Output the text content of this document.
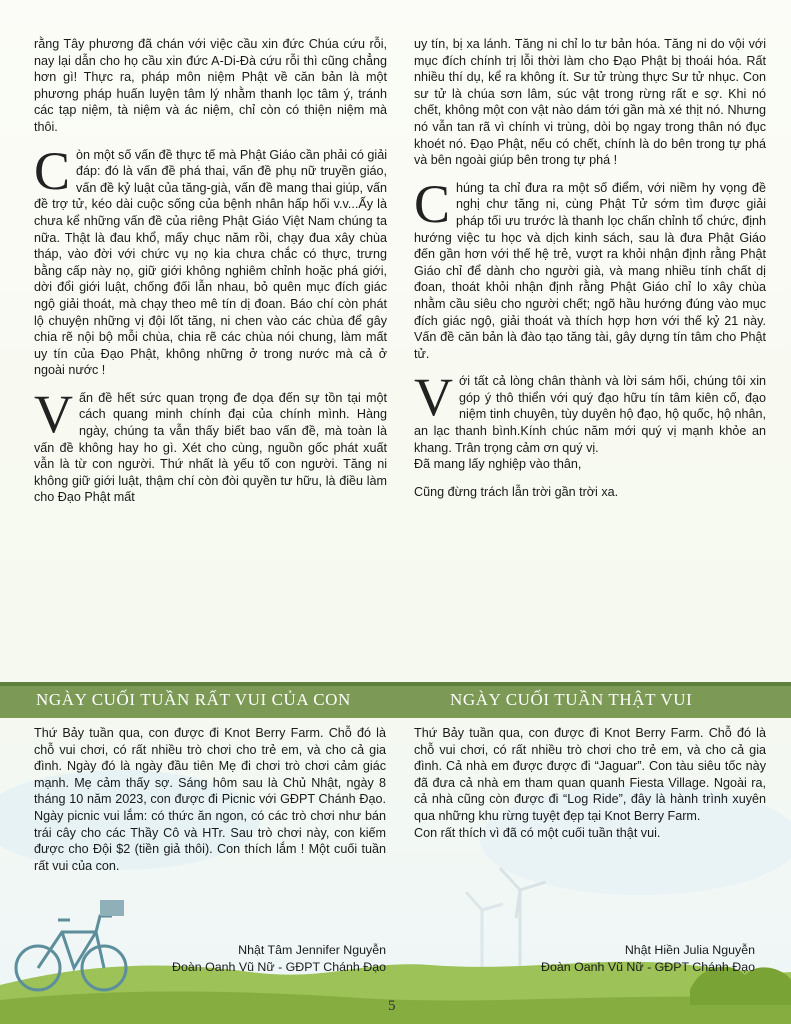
rằng Tây phương đã chán với việc cầu xin đức Chúa cứu rỗi, nay lại dẫn cho họ cầu xin đức A-Di-Đà cứu rỗi thì cũng chẳng hơn gì! Thực ra, pháp môn niệm Phật về căn bản là một phương pháp huấn luyện tâm lý nhằm thanh lọc tâm ý, tránh các tạp niệm, tà niệm và ác niệm, chỉ còn có thiện niệm mà thôi.

Còn một số vấn đề thực tế mà Phật Giáo cần phải có giải đáp: đó là vấn đề phá thai, vấn đề phụ nữ truyền giáo, vấn đề kỷ luật của tăng-già, vấn đề mang thai giúp, vấn đề trợ tử, kéo dài cuộc sống của bệnh nhân hấp hối v.v...Ấy là chưa kể những vấn đề của riêng Phật Giáo Việt Nam chúng ta nữa. Thật là đau khổ, mấy chục năm rồi, chạy đua xây chùa tháp, vào đời với chức vụ nọ kia chưa chắc có thực, trưng bằng cấp này nọ, giữ giới không nghiêm chỉnh hoặc phá giới, dời đổi giới luật, chống đối lẫn nhau, bỏ quên mục đích giác ngộ giải thoát, mà chạy theo mê tín dị đoan. Báo chí còn phát lộ chuyện những vị đội lốt tăng, ni chen vào các chùa để gây chia rẽ nội bộ mỗi chùa, chia rẽ các chùa nói chung, làm mất uy tín của Đạo Phật, không những ở trong nước mà cả ở ngoài nước !

Vấn đề hết sức quan trọng đe dọa đến sự tồn tại một cách quang minh chính đại của chính mình. Hàng ngày, chúng ta vẫn thấy biết bao vấn đề, mà toàn là vấn đề không hay ho gì. Xét cho cùng, nguồn gốc phát xuất vẫn là từ con người. Thứ nhất là yếu tố con người. Tăng ni không giữ giới luật, thậm chí còn đòi quyền tư hữu, là điều làm cho Đạo Phật mất

uy tín, bị xa lánh. Tăng ni chỉ lo tư bản hóa. Tăng ni do vội với mục đích chính trị lỗi thời làm cho Đạo Phật bị thoái hóa. Rất nhiều thí dụ, kể ra không ít. Sư tử trùng thực Sư tử nhục. Con sư tử là chúa sơn lâm, súc vật trong rừng rất e sợ. Khi nó chết, không một con vật nào dám tới gần mà xé thịt nó. Nhưng nó vẫn tan rã vì chính vi trùng, dòi bọ ngay trong thân nó đục khoét nó. Đạo Phật, nếu có chết, chính là do bên trong tự phá và bên ngoài giúp bên trong tự phá !

Chúng ta chỉ đưa ra một số điểm, với niềm hy vọng đề nghị chư tăng ni, cùng Phật Tử sớm tìm được giải pháp tối ưu trước là thanh lọc chấn chỉnh tổ chức, định hướng việc tu học và dịch kinh sách, sau là đưa Phật Giáo đến gần hơn với thế hệ trẻ, vượt ra khỏi nhận định rằng Phật Giáo chỉ để dành cho người già, và mang nhiều tính chất dị đoan, thoát khỏi nhận định rằng Phật Giáo chỉ lo xây chùa nhằm cầu siêu cho người chết; ngõ hầu hướng đúng vào mục đích giác ngộ, giải thoát và thích hợp hơn với thế kỷ 21 này. Vấn đề căn bản là đào tạo tăng tài, gây dựng tín tâm cho Phật tử.

Với tất cả lòng chân thành và lời sám hối, chúng tôi xin góp ý thô thiển với quý đạo hữu tín tâm kiên cố, đạo niệm tinh chuyên, tùy duyên hộ đạo, hộ quốc, hộ nhân, an lạc thanh bình.Kính chúc năm mới quý vị mạnh khỏe an khang. Trân trọng cảm ơn quý vị.

Đã mang lấy nghiệp vào thân,

Cũng đừng trách lẫn trời gần trời xa.

NGÀY CUỐI TUẦN RẤT VUI CỦA CON	NGÀY CUỐI TUẦN THẬT VUI

Thứ Bảy tuần qua, con được đi Knot Berry Farm. Chỗ đó là chỗ vui chơi, có rất nhiều trò chơi cho trẻ em, và cho cả gia đình. Ngày đó là ngày đầu tiên Mẹ đi chơi trò chơi cảm giác mạnh. Mẹ cảm thấy sợ. Sáng hôm sau là Chủ Nhật, ngày 8 tháng 10 năm 2023, con được đi Picnic với GĐPT Chánh Đạo. Ngày picnic vui lắm: có thức ăn ngon, có các trò chơi như bán trái cây cho các Thầy Cô và HTr. Sau trò chơi này, con kiếm được cho Đội $2 (tiền giả thôi). Con thích lắm ! Một cuối tuần rất vui của con.

Thứ Bảy tuần qua, con được đi Knot Berry Farm. Chỗ đó là chỗ vui chơi, có rất nhiều trò chơi cho trẻ em, và cho cả gia đình. Cả nhà em được được đi “Jaguar”. Con tàu siêu tốc này đã đưa cả nhà em tham quan quanh Fiesta Village. Ngoài ra, cả nhà cũng còn được đi “Log Ride”, đây là hành trình xuyên qua những khu rừng tuyệt đẹp tại Knot Berry Farm.

Con rất thích vì đã có một cuối tuần thật vui.

Nhật Tâm Jennifer Nguyễn
Đoàn Oanh Vũ Nữ - GĐPT Chánh Đạo
Nhật Hiền Julia Nguyễn
Đoàn Oanh Vũ Nữ - GĐPT Chánh Đạo
5
